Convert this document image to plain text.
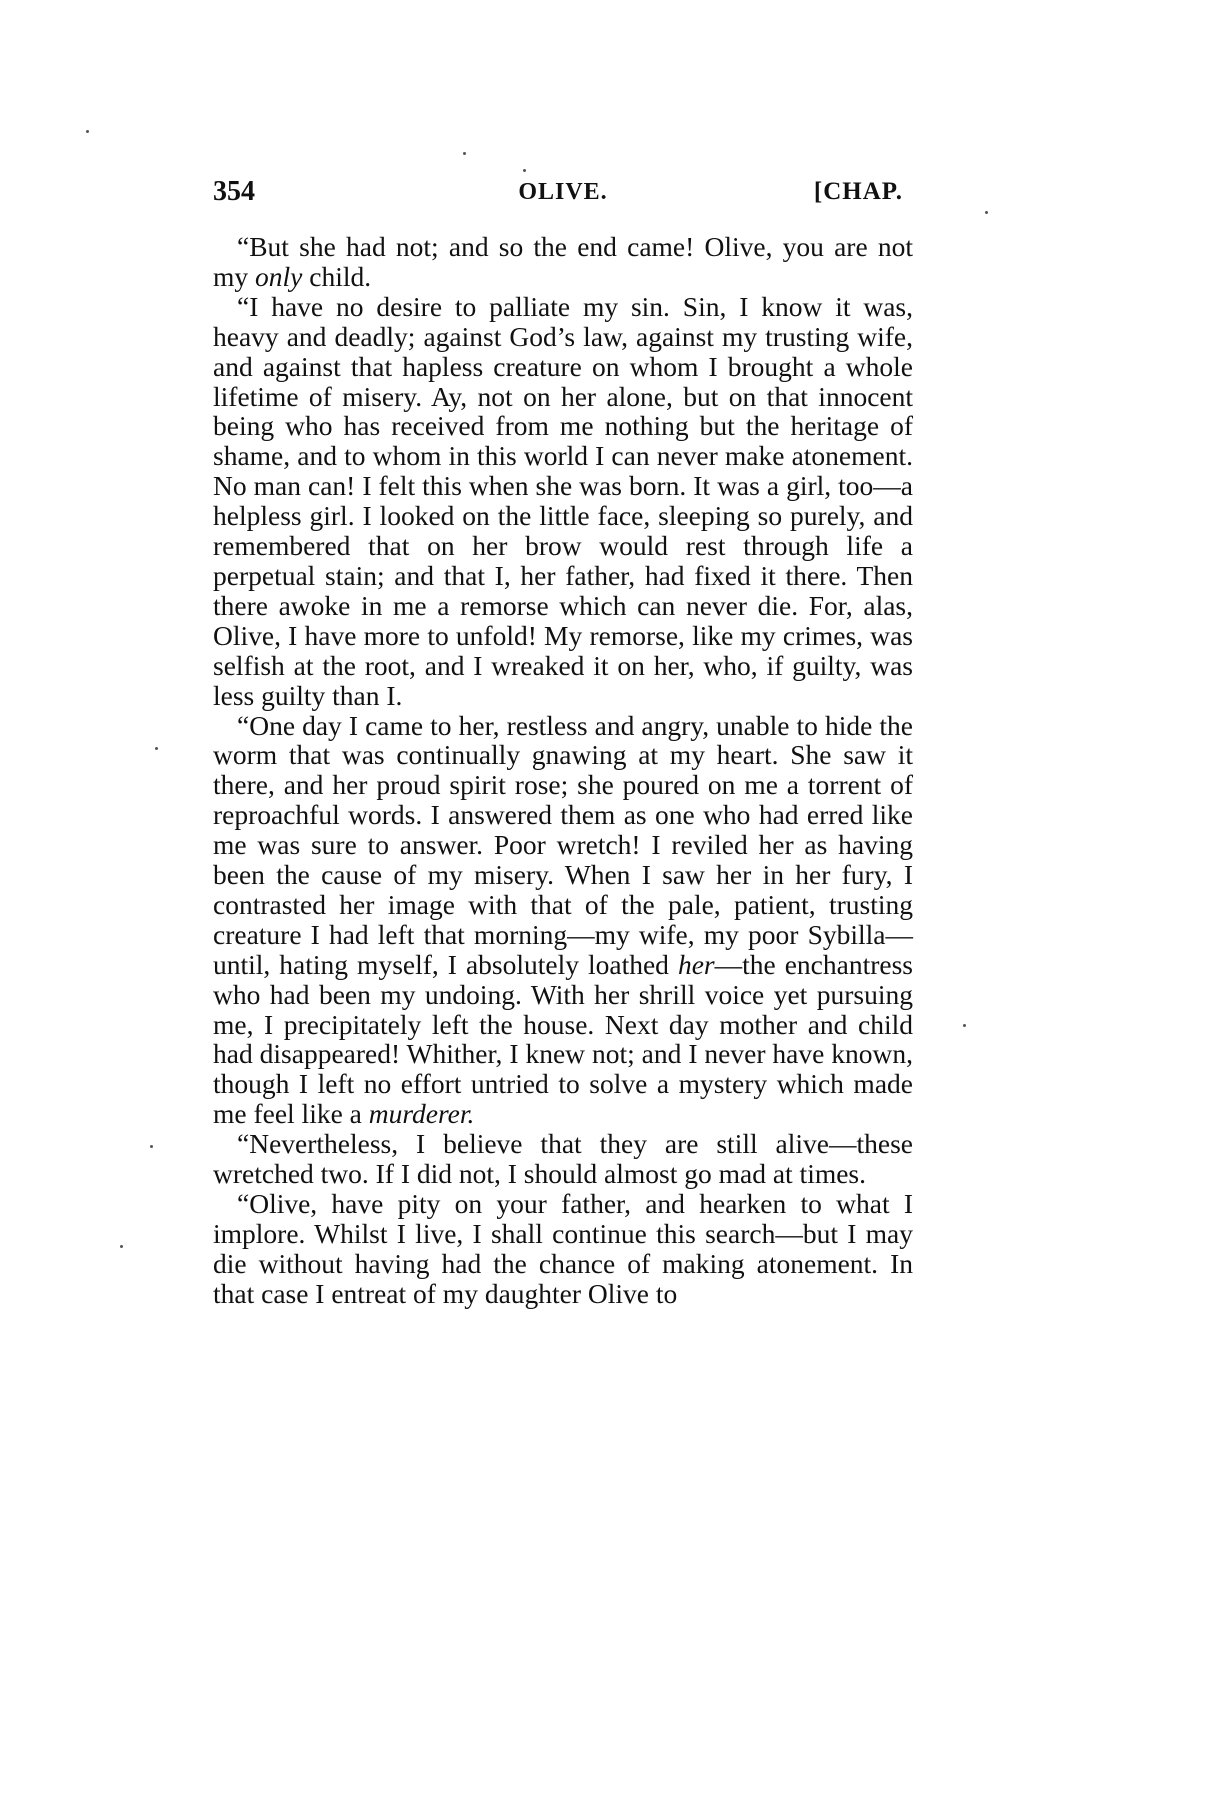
354	OLIVE.	[CHAP.

“But she had not; and so the end came! Olive, you are not my only child.

“I have no desire to palliate my sin. Sin, I know it was, heavy and deadly; against God’s law, against my trusting wife, and against that hapless creature on whom I brought a whole lifetime of misery. Ay, not on her alone, but on that innocent being who has received from me nothing but the heritage of shame, and to whom in this world I can never make atonement. No man can! I felt this when she was born. It was a girl, too—a helpless girl. I looked on the little face, sleeping so purely, and remembered that on her brow would rest through life a perpetual stain; and that I, her father, had fixed it there. Then there awoke in me a remorse which can never die. For, alas, Olive, I have more to unfold! My remorse, like my crimes, was selfish at the root, and I wreaked it on her, who, if guilty, was less guilty than I.

“One day I came to her, restless and angry, unable to hide the worm that was continually gnawing at my heart. She saw it there, and her proud spirit rose; she poured on me a torrent of reproachful words. I answered them as one who had erred like me was sure to answer. Poor wretch! I reviled her as having been the cause of my misery. When I saw her in her fury, I contrasted her image with that of the pale, patient, trusting creature I had left that morning—my wife, my poor Sybilla—until, hating myself, I absolutely loathed her—the enchantress who had been my undoing. With her shrill voice yet pursuing me, I precipitately left the house. Next day mother and child had disappeared! Whither, I knew not; and I never have known, though I left no effort untried to solve a mystery which made me feel like a murderer.

“Nevertheless, I believe that they are still alive—these wretched two. If I did not, I should almost go mad at times.

“Olive, have pity on your father, and hearken to what I implore. Whilst I live, I shall continue this search—but I may die without having had the chance of making atonement. In that case I entreat of my daughter Olive to
